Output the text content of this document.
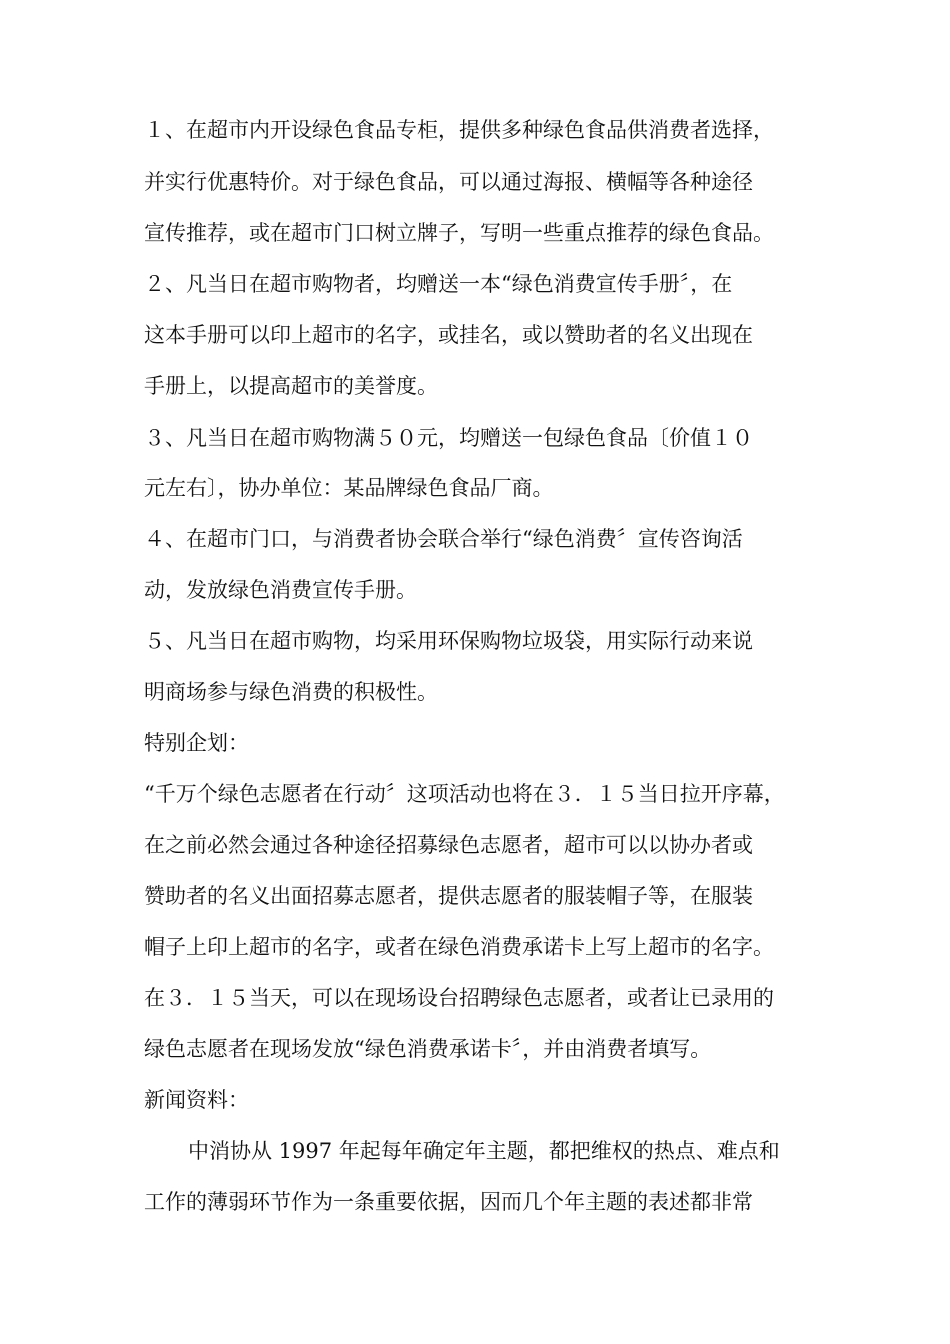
１、在超市内开设绿色食品专柜，提供多种绿色食品供消费者选择，
并实行优惠特价。对于绿色食品，可以通过海报、横幅等各种途径
宣传推荐，或在超市门口树立牌子，写明一些重点推荐的绿色食品。
２、凡当日在超市购物者，均赠送一本“绿色消费宣传手册〞，在
这本手册可以印上超市的名字，或挂名，或以赞助者的名义出现在
手册上，以提高超市的美誉度。
３、凡当日在超市购物满５０元，均赠送一包绿色食品〔价值１０
元左右〕，协办单位：某品牌绿色食品厂商。
４、在超市门口，与消费者协会联合举行“绿色消费〞宣传咨询活
动，发放绿色消费宣传手册。
５、凡当日在超市购物，均采用环保购物垃圾袋，用实际行动来说
明商场参与绿色消费的积极性。
特别企划：
“千万个绿色志愿者在行动〞这项活动也将在３．１５当日拉开序幕，
在之前必然会通过各种途径招募绿色志愿者，超市可以以协办者或
赞助者的名义出面招募志愿者，提供志愿者的服装帽子等，在服装
帽子上印上超市的名字，或者在绿色消费承诺卡上写上超市的名字。
在３．１５当天，可以在现场设台招聘绿色志愿者，或者让已录用的
绿色志愿者在现场发放“绿色消费承诺卡〞，并由消费者填写。
新闻资料：
中消协从 1997 年起每年确定年主题，都把维权的热点、难点和
工作的薄弱环节作为一条重要依据，因而几个年主题的表述都非常
